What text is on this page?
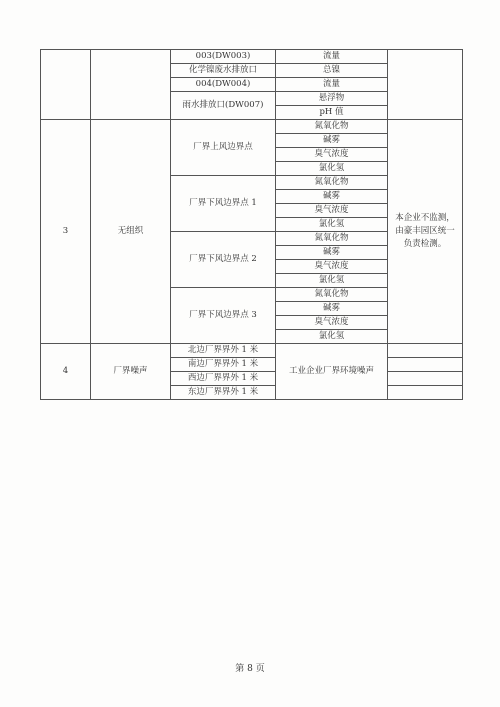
		003(DW003)	流量	
		化学镍废水排放口	总镍	
		004(DW004)	流量	
		雨水排放口(DW007)	悬浮物	
			pH 值	
3	无组织	厂界上风边界点	氮氧化物	本企业不监测，由豪丰园区统一负责检测。
			碱雾	
			臭气浓度	
			氯化氢	
		厂界下风边界点 1	氮氧化物	
			碱雾	
			臭气浓度	
			氯化氢	
		厂界下风边界点 2	氮氧化物	
			碱雾	
			臭气浓度	
			氯化氢	
		厂界下风边界点 3	氮氧化物	
			碱雾	
			臭气浓度	
			氯化氢	
4	厂界噪声	北边厂界界外 1 米	工业企业厂界环境噪声	
		南边厂界界外 1 米		
		西边厂界界外 1 米		
		东边厂界界外 1 米		
第 8 页
